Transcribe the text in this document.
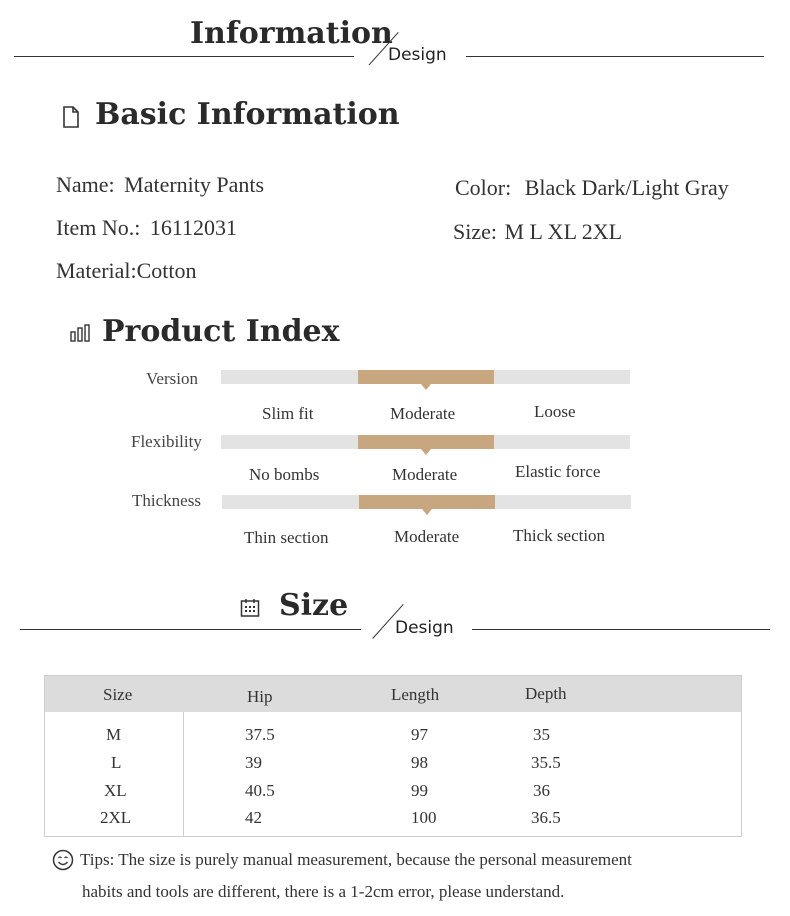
Information
Design
Basic Information
Name: Maternity Pants
Item No.: 16112031
Material:Cotton
Color: Black Dark/Light Gray
Size: M L XL 2XL
Product Index
Version
Slim fit	Moderate	Loose
Flexibility
No bombs	Moderate	Elastic force
Thickness
Thin section	Moderate	Thick section
Size
Design
Size	Hip	Length	Depth
M	37.5	97	35
L	39	98	35.5
XL	40.5	99	36
2XL	42	100	36.5
Tips: The size is purely manual measurement, because the personal measurement
habits and tools are different, there is a 1-2cm error, please understand.
